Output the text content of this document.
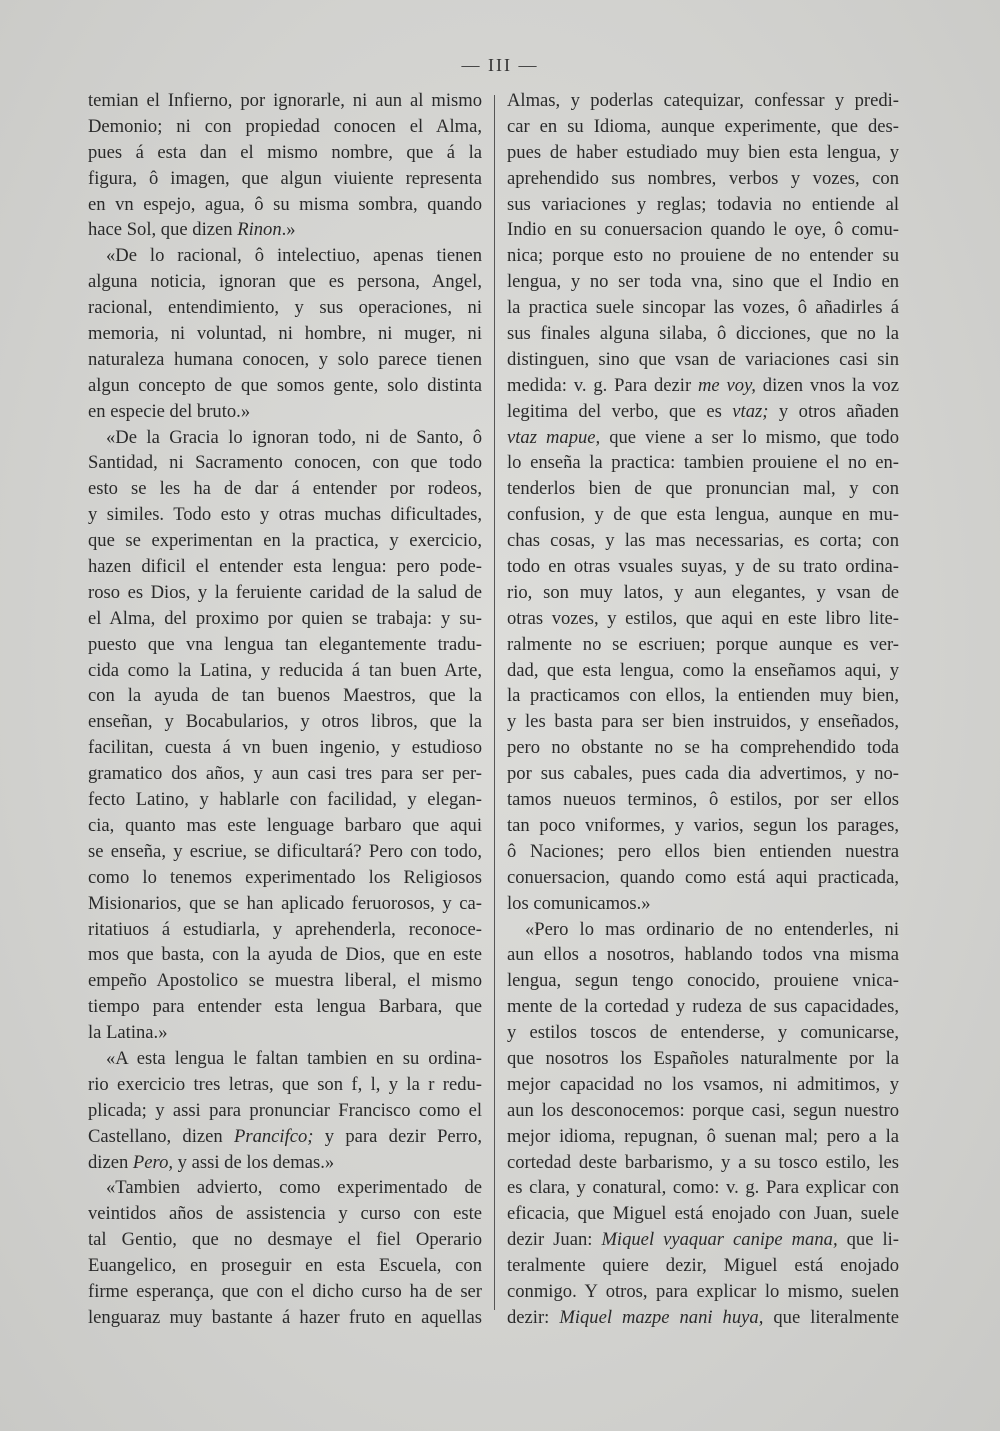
— III —
temian el Infierno, por ignorarle, ni aun al mismo
Demonio; ni con propiedad conocen el Alma,
pues á esta dan el mismo nombre, que á la
figura, ô imagen, que algun viuiente representa
en vn espejo, agua, ô su misma sombra, quando
hace Sol, que dizen Rinon.»
«De lo racional, ô intelectiuo, apenas tienen
alguna noticia, ignoran que es persona, Angel,
racional, entendimiento, y sus operaciones, ni
memoria, ni voluntad, ni hombre, ni muger, ni
naturaleza humana conocen, y solo parece tienen
algun concepto de que somos gente, solo distinta
en especie del bruto.»
«De la Gracia lo ignoran todo, ni de Santo, ô
Santidad, ni Sacramento conocen, con que todo
esto se les ha de dar á entender por rodeos,
y similes. Todo esto y otras muchas dificultades,
que se experimentan en la practica, y exercicio,
hazen dificil el entender esta lengua: pero pode-
roso es Dios, y la feruiente caridad de la salud de
el Alma, del proximo por quien se trabaja: y su-
puesto que vna lengua tan elegantemente tradu-
cida como la Latina, y reducida á tan buen Arte,
con la ayuda de tan buenos Maestros, que la
enseñan, y Bocabularios, y otros libros, que la
facilitan, cuesta á vn buen ingenio, y estudioso
gramatico dos años, y aun casi tres para ser per-
fecto Latino, y hablarle con facilidad, y elegan-
cia, quanto mas este lenguage barbaro que aqui
se enseña, y escriue, se dificultará? Pero con todo,
como lo tenemos experimentado los Religiosos
Misionarios, que se han aplicado feruorosos, y ca-
ritatiuos á estudiarla, y aprehenderla, reconoce-
mos que basta, con la ayuda de Dios, que en este
empeño Apostolico se muestra liberal, el mismo
tiempo para entender esta lengua Barbara, que
la Latina.»
«A esta lengua le faltan tambien en su ordina-
rio exercicio tres letras, que son f, l, y la r redu-
plicada; y assi para pronunciar Francisco como el
Castellano, dizen Prancifco; y para dezir Perro,
dizen Pero, y assi de los demas.»
«Tambien advierto, como experimentado de
veintidos años de assistencia y curso con este
tal Gentio, que no desmaye el fiel Operario
Euangelico, en proseguir en esta Escuela, con
firme esperança, que con el dicho curso ha de ser
lenguaraz muy bastante á hazer fruto en aquellas
Almas, y poderlas catequizar, confessar y predi-
car en su Idioma, aunque experimente, que des-
pues de haber estudiado muy bien esta lengua, y
aprehendido sus nombres, verbos y vozes, con
sus variaciones y reglas; todavia no entiende al
Indio en su conuersacion quando le oye, ô comu-
nica; porque esto no prouiene de no entender su
lengua, y no ser toda vna, sino que el Indio en
la practica suele sincopar las vozes, ô añadirles á
sus finales alguna silaba, ô dicciones, que no la
distinguen, sino que vsan de variaciones casi sin
medida: v. g. Para dezir me voy, dizen vnos la voz
legitima del verbo, que es vtaz; y otros añaden
vtaz mapue, que viene a ser lo mismo, que todo
lo enseña la practica: tambien prouiene el no en-
tenderlos bien de que pronuncian mal, y con
confusion, y de que esta lengua, aunque en mu-
chas cosas, y las mas necessarias, es corta; con
todo en otras vsuales suyas, y de su trato ordina-
rio, son muy latos, y aun elegantes, y vsan de
otras vozes, y estilos, que aqui en este libro lite-
ralmente no se escriuen; porque aunque es ver-
dad, que esta lengua, como la enseñamos aqui, y
la practicamos con ellos, la entienden muy bien,
y les basta para ser bien instruidos, y enseñados,
pero no obstante no se ha comprehendido toda
por sus cabales, pues cada dia advertimos, y no-
tamos nueuos terminos, ô estilos, por ser ellos
tan poco vniformes, y varios, segun los parages,
ô Naciones; pero ellos bien entienden nuestra
conuersacion, quando como está aqui practicada,
los comunicamos.»
«Pero lo mas ordinario de no entenderles, ni
aun ellos a nosotros, hablando todos vna misma
lengua, segun tengo conocido, prouiene vnica-
mente de la cortedad y rudeza de sus capacidades,
y estilos toscos de entenderse, y comunicarse,
que nosotros los Españoles naturalmente por la
mejor capacidad no los vsamos, ni admitimos, y
aun los desconocemos: porque casi, segun nuestro
mejor idioma, repugnan, ô suenan mal; pero a la
cortedad deste barbarismo, y a su tosco estilo, les
es clara, y conatural, como: v. g. Para explicar con
eficacia, que Miguel está enojado con Juan, suele
dezir Juan: Miquel vyaquar canipe mana, que li-
teralmente quiere dezir, Miguel está enojado
conmigo. Y otros, para explicar lo mismo, suelen
dezir: Miquel mazpe nani huya, que literalmente
